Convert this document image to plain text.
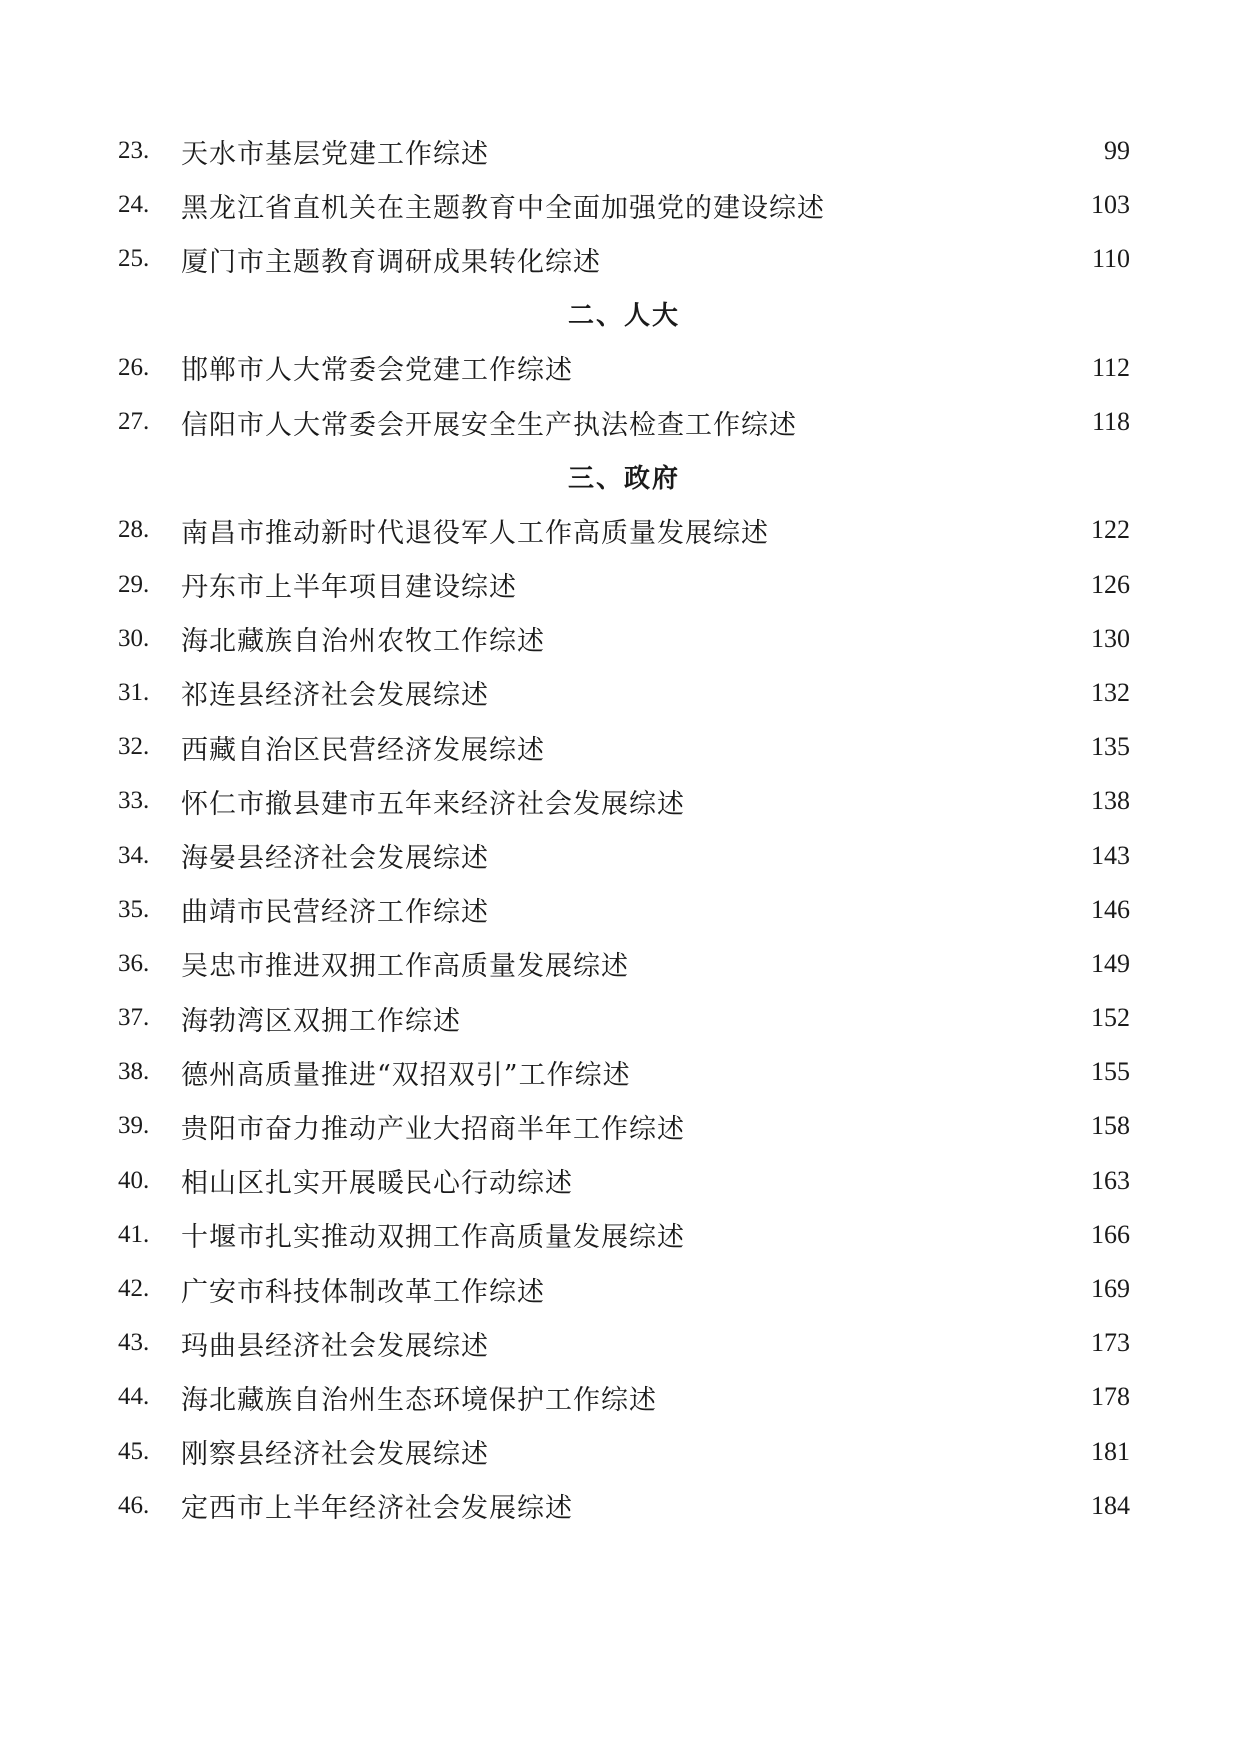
23.	天水市基层党建工作综述	99
24.	黑龙江省直机关在主题教育中全面加强党的建设综述	103
25.	厦门市主题教育调研成果转化综述	110
二、人大
26.	邯郸市人大常委会党建工作综述	112
27.	信阳市人大常委会开展安全生产执法检查工作综述	118
三、政府
28.	南昌市推动新时代退役军人工作高质量发展综述	122
29.	丹东市上半年项目建设综述	126
30.	海北藏族自治州农牧工作综述	130
31.	祁连县经济社会发展综述	132
32.	西藏自治区民营经济发展综述	135
33.	怀仁市撤县建市五年来经济社会发展综述	138
34.	海晏县经济社会发展综述	143
35.	曲靖市民营经济工作综述	146
36.	吴忠市推进双拥工作高质量发展综述	149
37.	海勃湾区双拥工作综述	152
38.	德州高质量推进“双招双引”工作综述	155
39.	贵阳市奋力推动产业大招商半年工作综述	158
40.	相山区扎实开展暖民心行动综述	163
41.	十堰市扎实推动双拥工作高质量发展综述	166
42.	广安市科技体制改革工作综述	169
43.	玛曲县经济社会发展综述	173
44.	海北藏族自治州生态环境保护工作综述	178
45.	刚察县经济社会发展综述	181
46.	定西市上半年经济社会发展综述	184
